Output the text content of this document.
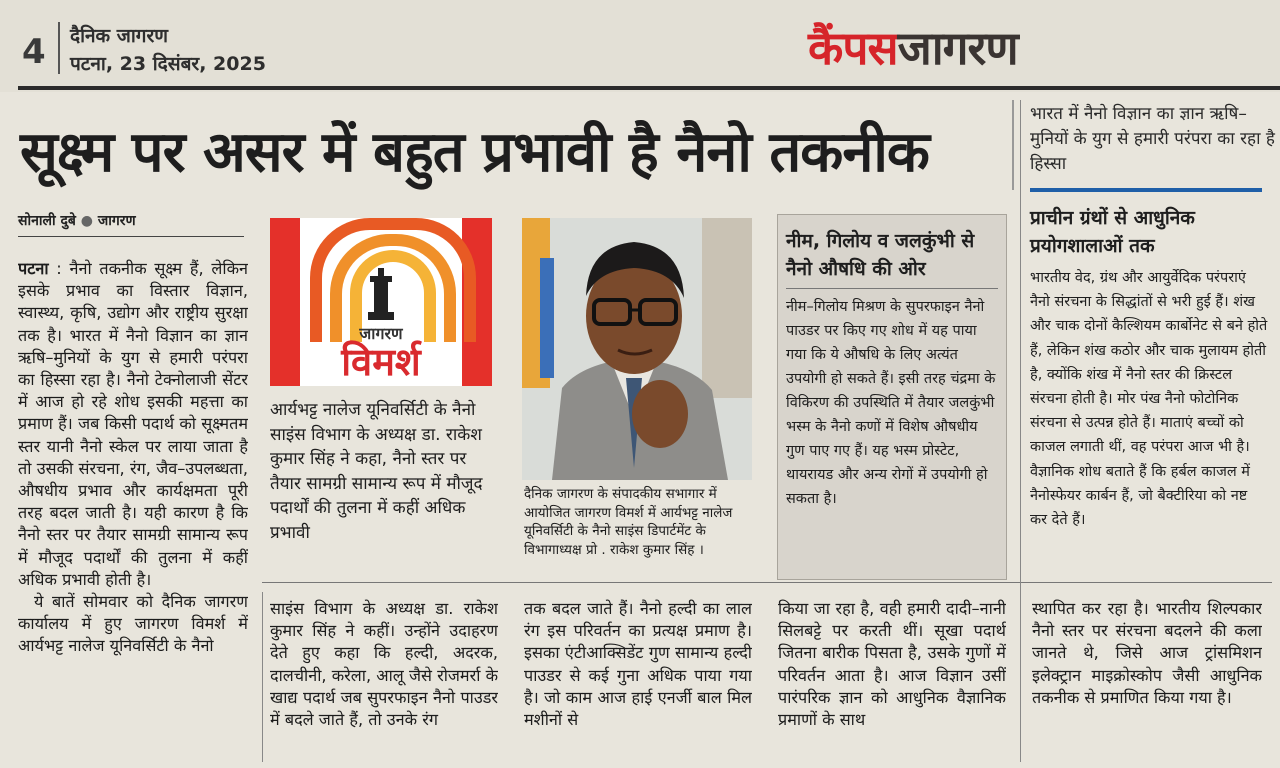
4 दैनिक जागरण
पटना, 23 दिसंबर, 2025	कैंपसजागरण
सूक्ष्म पर असर में बहुत प्रभावी है नैनो तकनीक
भारत में नैनो विज्ञान का ज्ञान ऋषि–मुनियों के युग से हमारी परंपरा का रहा है हिस्सा
सोनाली दुबे ● जागरण
पटना : नैनो तकनीक सूक्ष्म हैं, लेकिन इसके प्रभाव का विस्तार विज्ञान, स्वास्थ्य, कृषि, उद्योग और राष्ट्रीय सुरक्षा तक है। भारत में नैनो विज्ञान का ज्ञान ऋषि–मुनियों के युग से हमारी परंपरा का हिस्सा रहा है। नैनो टेक्नोलाजी सेंटर में आज हो रहे शोध इसकी महत्ता का प्रमाण हैं। जब किसी पदार्थ को सूक्ष्मतम स्तर यानी नैनो स्केल पर लाया जाता है तो उसकी संरचना, रंग, जैव–उपलब्धता, औषधीय प्रभाव और कार्यक्षमता पूरी तरह बदल जाती है। यही कारण है कि नैनो स्तर पर तैयार सामग्री सामान्य रूप में मौजूद पदार्थों की तुलना में कहीं अधिक प्रभावी होती है।
ये बातें सोमवार को दैनिक जागरण कार्यालय में हुए जागरण विमर्श में आर्यभट्ट नालेज यूनिवर्सिटी के नैनो
जागरण
विमर्श
आर्यभट्ट नालेज यूनिवर्सिटी के नैनो साइंस विभाग के अध्यक्ष डा. राकेश कुमार सिंह ने कहा, नैनो स्तर पर तैयार सामग्री सामान्य रूप में मौजूद पदार्थों की तुलना में कहीं अधिक प्रभावी
दैनिक जागरण के संपादकीय सभागार में आयोजित जागरण विमर्श में आर्यभट्ट नालेज यूनिवर्सिटी के नैनो साइंस डिपार्टमेंट के विभागाध्यक्ष प्रो . राकेश कुमार सिंह ।
नीम, गिलोय व जलकुंभी से नैनो औषधि की ओर
नीम–गिलोय मिश्रण के सुपरफाइन नैनो पाउडर पर किए गए शोध में यह पाया गया कि ये औषधि के लिए अत्यंत उपयोगी हो सकते हैं। इसी तरह चंद्रमा के विकिरण की उपस्थिति में तैयार जलकुंभी भस्म के नैनो कणों में विशेष औषधीय गुण पाए गए हैं। यह भस्म प्रोस्टेट, थायरायड और अन्य रोगों में उपयोगी हो सकता है।
प्राचीन ग्रंथों से आधुनिक प्रयोगशालाओं तक
भारतीय वेद, ग्रंथ और आयुर्वेदिक परंपराएं नैनो संरचना के सिद्धांतों से भरी हुई हैं। शंख और चाक दोनों कैल्शियम कार्बोनेट से बने होते हैं, लेकिन शंख कठोर और चाक मुलायम होती है, क्योंकि शंख में नैनो स्तर की क्रिस्टल संरचना होती है। मोर पंख नैनो फोटोनिक संरचना से उत्पन्न होते हैं। माताएं बच्चों को काजल लगाती थीं, वह परंपरा आज भी है। वैज्ञानिक शोध बताते हैं कि हर्बल काजल में नैनोस्फेयर कार्बन हैं, जो बैक्टीरिया को नष्ट कर देते हैं।
साइंस विभाग के अध्यक्ष डा. राकेश कुमार सिंह ने कहीं। उन्होंने उदाहरण देते हुए कहा कि हल्दी, अदरक, दालचीनी, करेला, आलू जैसे रोजमर्रा के खाद्य पदार्थ जब सुपरफाइन नैनो पाउडर में बदले जाते हैं, तो उनके रंग
तक बदल जाते हैं। नैनो हल्दी का लाल रंग इस परिवर्तन का प्रत्यक्ष प्रमाण है। इसका एंटीआक्सिडेंट गुण सामान्य हल्दी पाउडर से कई गुना अधिक पाया गया है। जो काम आज हाई एनर्जी बाल मिल मशीनों से
किया जा रहा है, वही हमारी दादी–नानी सिलबट्टे पर करती थीं। सूखा पदार्थ जितना बारीक पिसता है, उसके गुणों में परिवर्तन आता है। आज विज्ञान उसीं पारंपरिक ज्ञान को आधुनिक वैज्ञानिक प्रमाणों के साथ
स्थापित कर रहा है। भारतीय शिल्पकार नैनो स्तर पर संरचना बदलने की कला जानते थे, जिसे आज ट्रांसमिशन इलेक्ट्रान माइक्रोस्कोप जैसी आधुनिक तकनीक से प्रमाणित किया गया है।
